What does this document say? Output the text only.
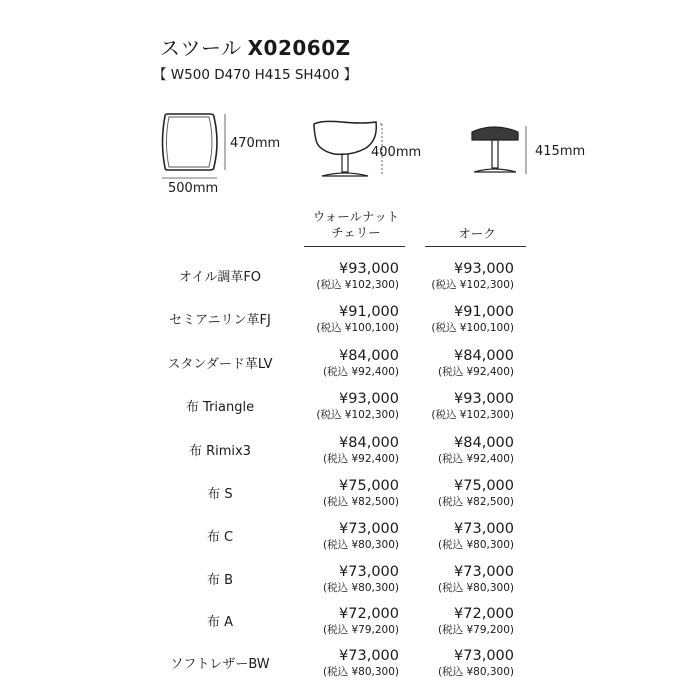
スツール X02060Z
【 W500 D470 H415 SH400 】
470mm
500mm
400mm	415mm
ウォールナット
チェリー	オーク
オイル調革FO
¥93,000
(税込 ¥102,300)
¥93,000
(税込 ¥102,300)
セミアニリン革FJ
¥91,000
(税込 ¥100,100)
¥91,000
(税込 ¥100,100)
スタンダード革LV
¥84,000
(税込 ¥92,400)
¥84,000
(税込 ¥92,400)
布 Triangle
¥93,000
(税込 ¥102,300)
¥93,000
(税込 ¥102,300)
布 Rimix3
¥84,000
(税込 ¥92,400)
¥84,000
(税込 ¥92,400)
布 S
¥75,000
(税込 ¥82,500)
¥75,000
(税込 ¥82,500)
布 C
¥73,000
(税込 ¥80,300)
¥73,000
(税込 ¥80,300)
布 B
¥73,000
(税込 ¥80,300)
¥73,000
(税込 ¥80,300)
布 A
¥72,000
(税込 ¥79,200)
¥72,000
(税込 ¥79,200)
ソフトレザーBW
¥73,000
(税込 ¥80,300)
¥73,000
(税込 ¥80,300)
